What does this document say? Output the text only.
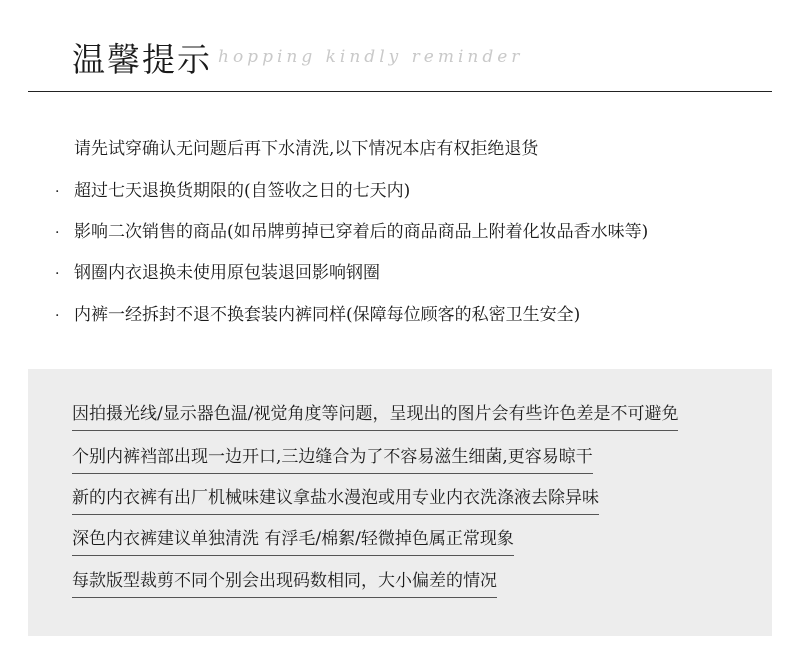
温馨提示 hopping kindly reminder
请先试穿确认无问题后再下水清洗,以下情况本店有权拒绝退货
· 超过七天退换货期限的(自签收之日的七天内)
· 影响二次销售的商品(如吊牌剪掉已穿着后的商品商品上附着化妆品香水味等)
· 钢圈内衣退换未使用原包装退回影响钢圈
· 内裤一经拆封不退不换套装内裤同样(保障每位顾客的私密卫生安全)
因拍摄光线/显示器色温/视觉角度等问题，呈现出的图片会有些许色差是不可避免
个别内裤裆部出现一边开口,三边缝合为了不容易滋生细菌,更容易晾干
新的内衣裤有出厂机械味建议拿盐水漫泡或用专业内衣洗涤液去除异味
深色内衣裤建议单独清洗 有浮毛/棉絮/轻微掉色属正常现象
每款版型裁剪不同个别会出现码数相同，大小偏差的情况
